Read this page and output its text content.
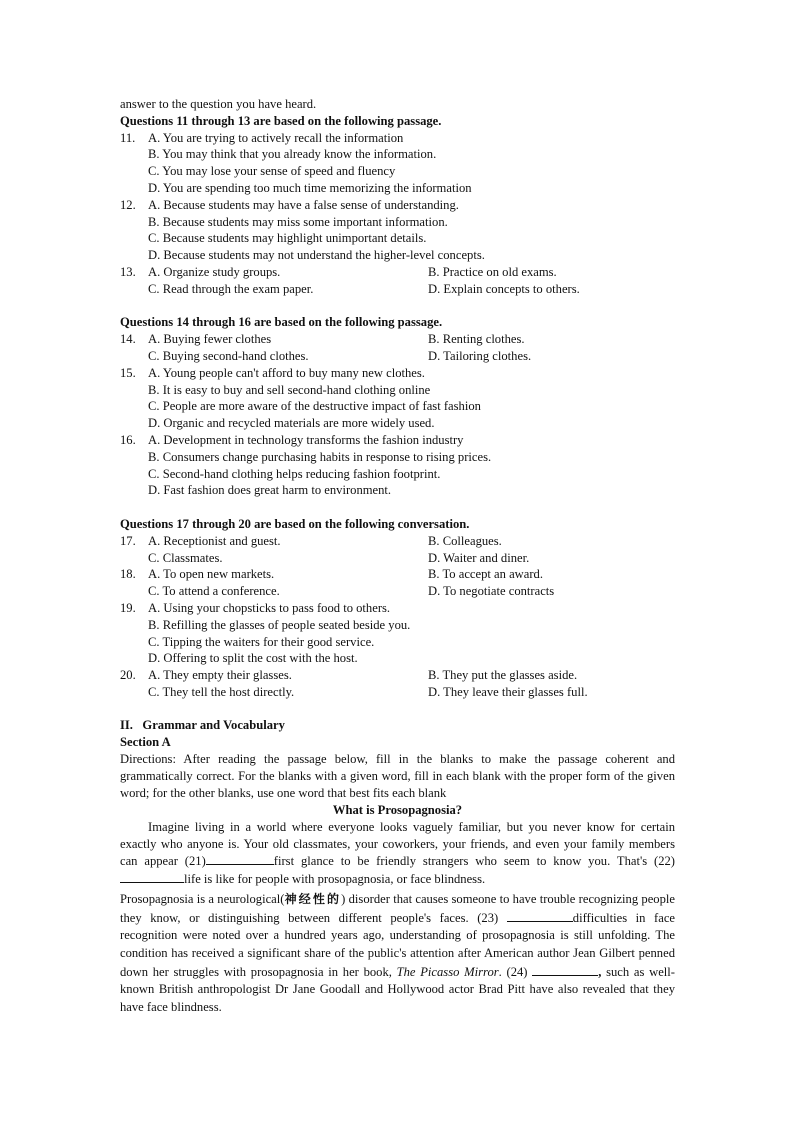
answer to the question you have heard.
Questions 11 through 13 are based on the following passage.
11. A. You are trying to actively recall the information
B. You may think that you already know the information.
C. You may lose your sense of speed and fluency
D. You are spending too much time memorizing the information
12. A. Because students may have a false sense of understanding.
B. Because students may miss some important information.
C. Because students may highlight unimportant details.
D. Because students may not understand the higher-level concepts.
13. A. Organize study groups.	B. Practice on old exams.
C. Read through the exam paper.	D. Explain concepts to others.
Questions 14 through 16 are based on the following passage.
14. A. Buying fewer clothes	B. Renting clothes.
C. Buying second-hand clothes.	D. Tailoring clothes.
15. A. Young people can't afford to buy many new clothes.
B. It is easy to buy and sell second-hand clothing online
C. People are more aware of the destructive impact of fast fashion
D. Organic and recycled materials are more widely used.
16. A. Development in technology transforms the fashion industry
B. Consumers change purchasing habits in response to rising prices.
C. Second-hand clothing helps reducing fashion footprint.
D. Fast fashion does great harm to environment.
Questions 17 through 20 are based on the following conversation.
17. A. Receptionist and guest.	B. Colleagues.
C. Classmates.	D. Waiter and diner.
18. A. To open new markets.	B. To accept an award.
C. To attend a conference.	D. To negotiate contracts
19. A. Using your chopsticks to pass food to others.
B. Refilling the glasses of people seated beside you.
C. Tipping the waiters for their good service.
D. Offering to split the cost with the host.
20. A. They empty their glasses.	B. They put the glasses aside.
C. They tell the host directly.	D. They leave their glasses full.
II.   Grammar and Vocabulary
Section A
Directions: After reading the passage below, fill in the blanks to make the passage coherent and grammatically correct. For the blanks with a given word, fill in each blank with the proper form of the given word; for the other blanks, use one word that best fits each blank
What is Prosopagnosia?
Imagine living in a world where everyone looks vaguely familiar, but you never know for certain exactly who anyone is. Your old classmates, your coworkers, your friends, and even your family members can appear (21)	first glance to be friendly strangers who seem to know you. That's (22) life is like for people with prosopagnosia, or face blindness.
Prosopagnosia is a neurological(神经性的) disorder that causes someone to have trouble recognizing people they know, or distinguishing between different people's faces. (23)	difficulties in face recognition were noted over a hundred years ago, understanding of prosopagnosia is still unfolding. The condition has received a significant share of the public's attention after American author Jean Gilbert penned down her struggles with prosopagnosia in her book, The Picasso Mirror. (24)	, such as well-known British anthropologist Dr Jane Goodall and Hollywood actor Brad Pitt have also revealed that they have face blindness.
